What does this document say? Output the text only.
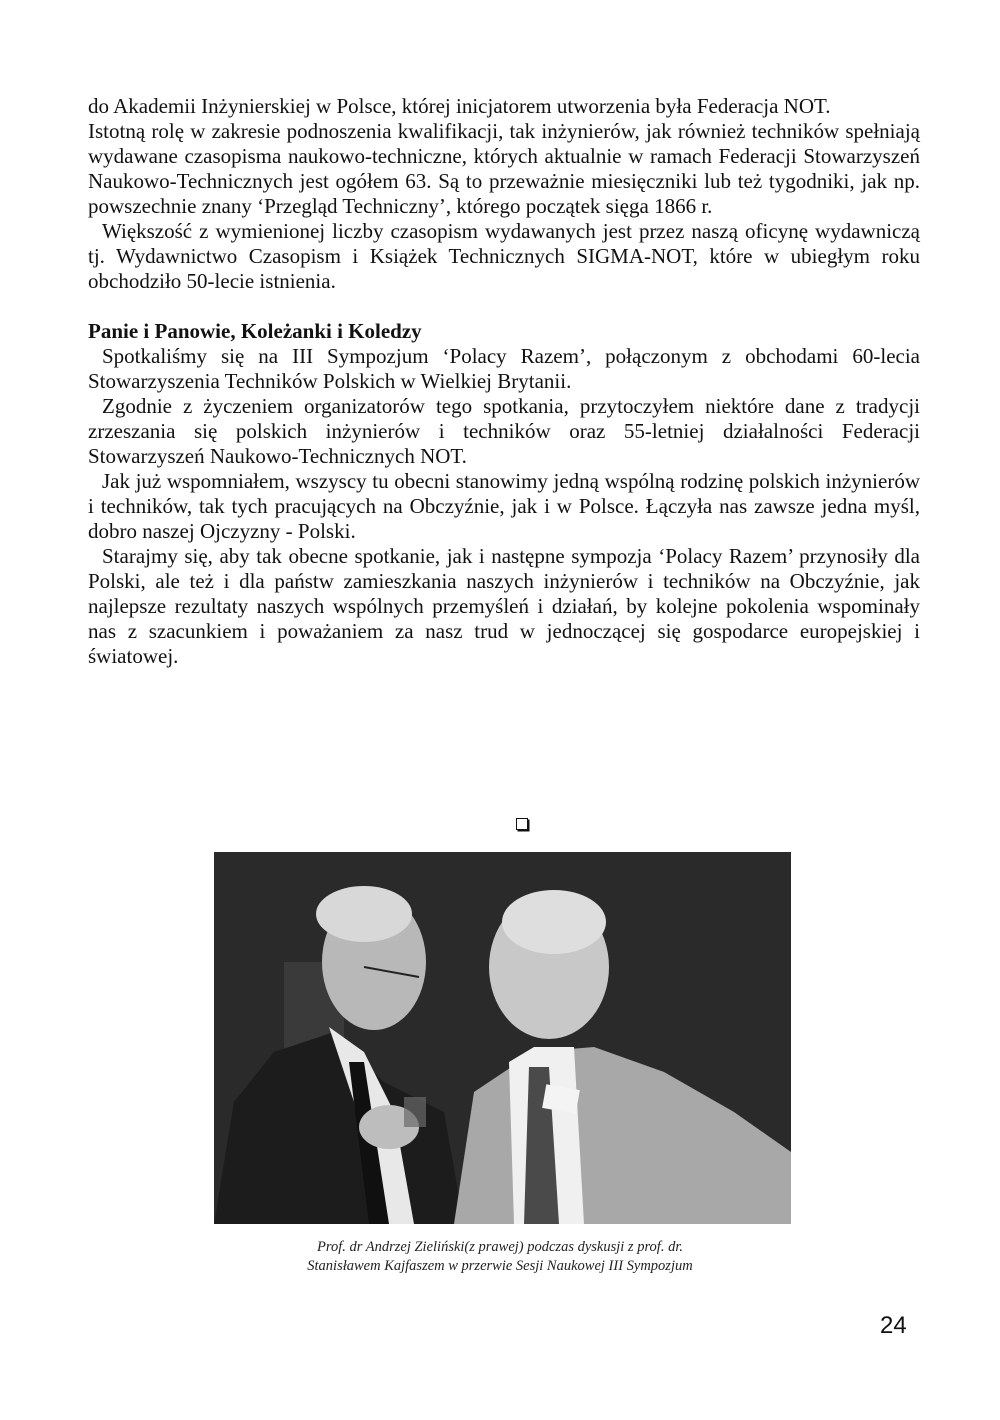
do Akademii Inżynierskiej w Polsce, której inicjatorem utworzenia była Federacja NOT.

Istotną rolę w zakresie podnoszenia kwalifikacji, tak inżynierów, jak również techników spełniają wydawane czasopisma naukowo-techniczne, których aktualnie w ramach Federacji Stowarzyszeń Naukowo-Technicznych jest ogółem 63. Są to przeważnie miesięczniki lub też tygodniki, jak np. powszechnie znany ‘Przegląd Techniczny’, którego początek sięga 1866 r.

Większość z wymienionej liczby czasopism wydawanych jest przez naszą oficynę wydawniczą tj. Wydawnictwo Czasopism i Książek Technicznych SIGMA-NOT, które w ubiegłym roku obchodziło 50-lecie istnienia.

Panie i Panowie, Koleżanki i Koledzy

Spotkaliśmy się na III Sympozjum ‘Polacy Razem’, połączonym z obchodami 60-lecia Stowarzyszenia Techników Polskich w Wielkiej Brytanii.

Zgodnie z życzeniem organizatorów tego spotkania, przytoczyłem niektóre dane z tradycji zrzeszania się polskich inżynierów i techników oraz 55-letniej działalności Federacji Stowarzyszeń Naukowo-Technicznych NOT.

Jak już wspomniałem, wszyscy tu obecni stanowimy jedną wspólną rodzinę polskich inżynierów i techników, tak tych pracujących na Obczyźnie, jak i w Polsce. Łączyła nas zawsze jedna myśl, dobro naszej Ojczyzny - Polski.

Starajmy się, aby tak obecne spotkanie, jak i następne sympozja ‘Polacy Razem’ przynosiły dla Polski, ale też i dla państw zamieszkania naszych inżynierów i techników na Obczyźnie, jak najlepsze rezultaty naszych wspólnych przemyśleń i działań, by kolejne pokolenia wspominały nas z szacunkiem i poważaniem za nasz trud w jednoczącej się gospodarce europejskiej i światowej.

Prof. dr Andrzej Zieliński(z prawej) podczas dyskusji z prof. dr.
Stanisławem Kajfaszem w przerwie Sesji Naukowej III Sympozjum
24
